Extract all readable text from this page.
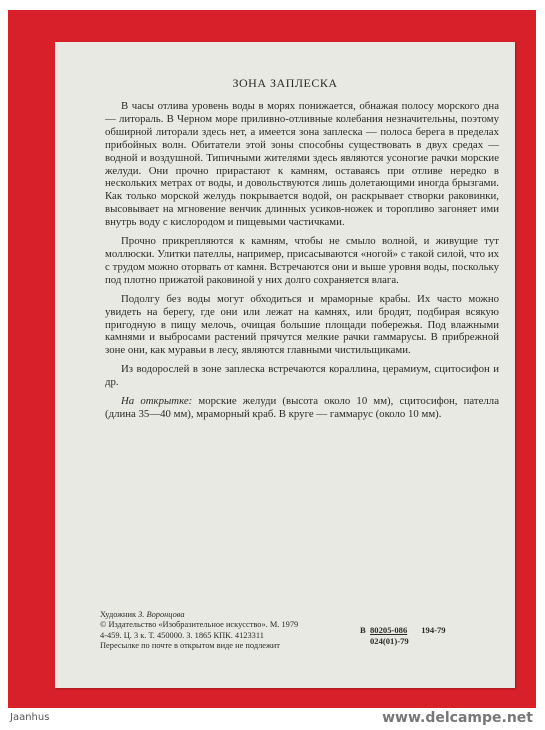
ЗОНА ЗАПЛЕСКА

В часы отлива уровень воды в морях понижается, обнажая полосу морского дна — литораль. В Черном море приливно-отливные колебания незначительны, поэтому обширной литорали здесь нет, а имеется зона заплеска — полоса берега в пределах прибойных волн. Обитатели этой зоны способны существовать в двух средах — водной и воздушной. Типичными жителями здесь являются усоногие рачки морские желуди. Они прочно прирастают к камням, оставаясь при отливе нередко в нескольких метрах от воды, и довольствуются лишь долетающими иногда брызгами. Как только морской желудь покрывается водой, он раскрывает створки раковинки, высовывает на мгновение венчик длинных усиков-ножек и торопливо загоняет ими внутрь воду с кислородом и пищевыми частичками.

Прочно прикрепляются к камням, чтобы не смыло волной, и живущие тут моллюски. Улитки пателлы, например, присасываются «ногой» с такой силой, что их с трудом можно оторвать от камня. Встречаются они и выше уровня воды, поскольку под плотно прижатой раковиной у них долго сохраняется влага.

Подолгу без воды могут обходиться и мраморные крабы. Их часто можно увидеть на берегу, где они или лежат на камнях, или бродят, подбирая всякую пригодную в пищу мелочь, очищая большие площади побережья. Под влажными камнями и выбросами растений прячутся мелкие рачки гаммарусы. В прибрежной зоне они, как муравьи в лесу, являются главными чистильщиками.

Из водорослей в зоне заплеска встречаются кораллина, церамиум, сцитосифон и др.

На открытке: морские желуди (высота около 10 мм), сцитосифон, пателла (длина 35—40 мм), мраморный краб. В круге — гаммарус (около 10 мм).

Художник З. Воронцова
© Издательство «Изобразительное искусство». М. 1979
4-459. Ц. 3 к. Т. 450000. З. 1865 КПК. 4123311
Пересылке по почте в открытом виде не подлежит
В 80205-086 194-79
024(01)-79
Jaanhus	www.delcampe.net
